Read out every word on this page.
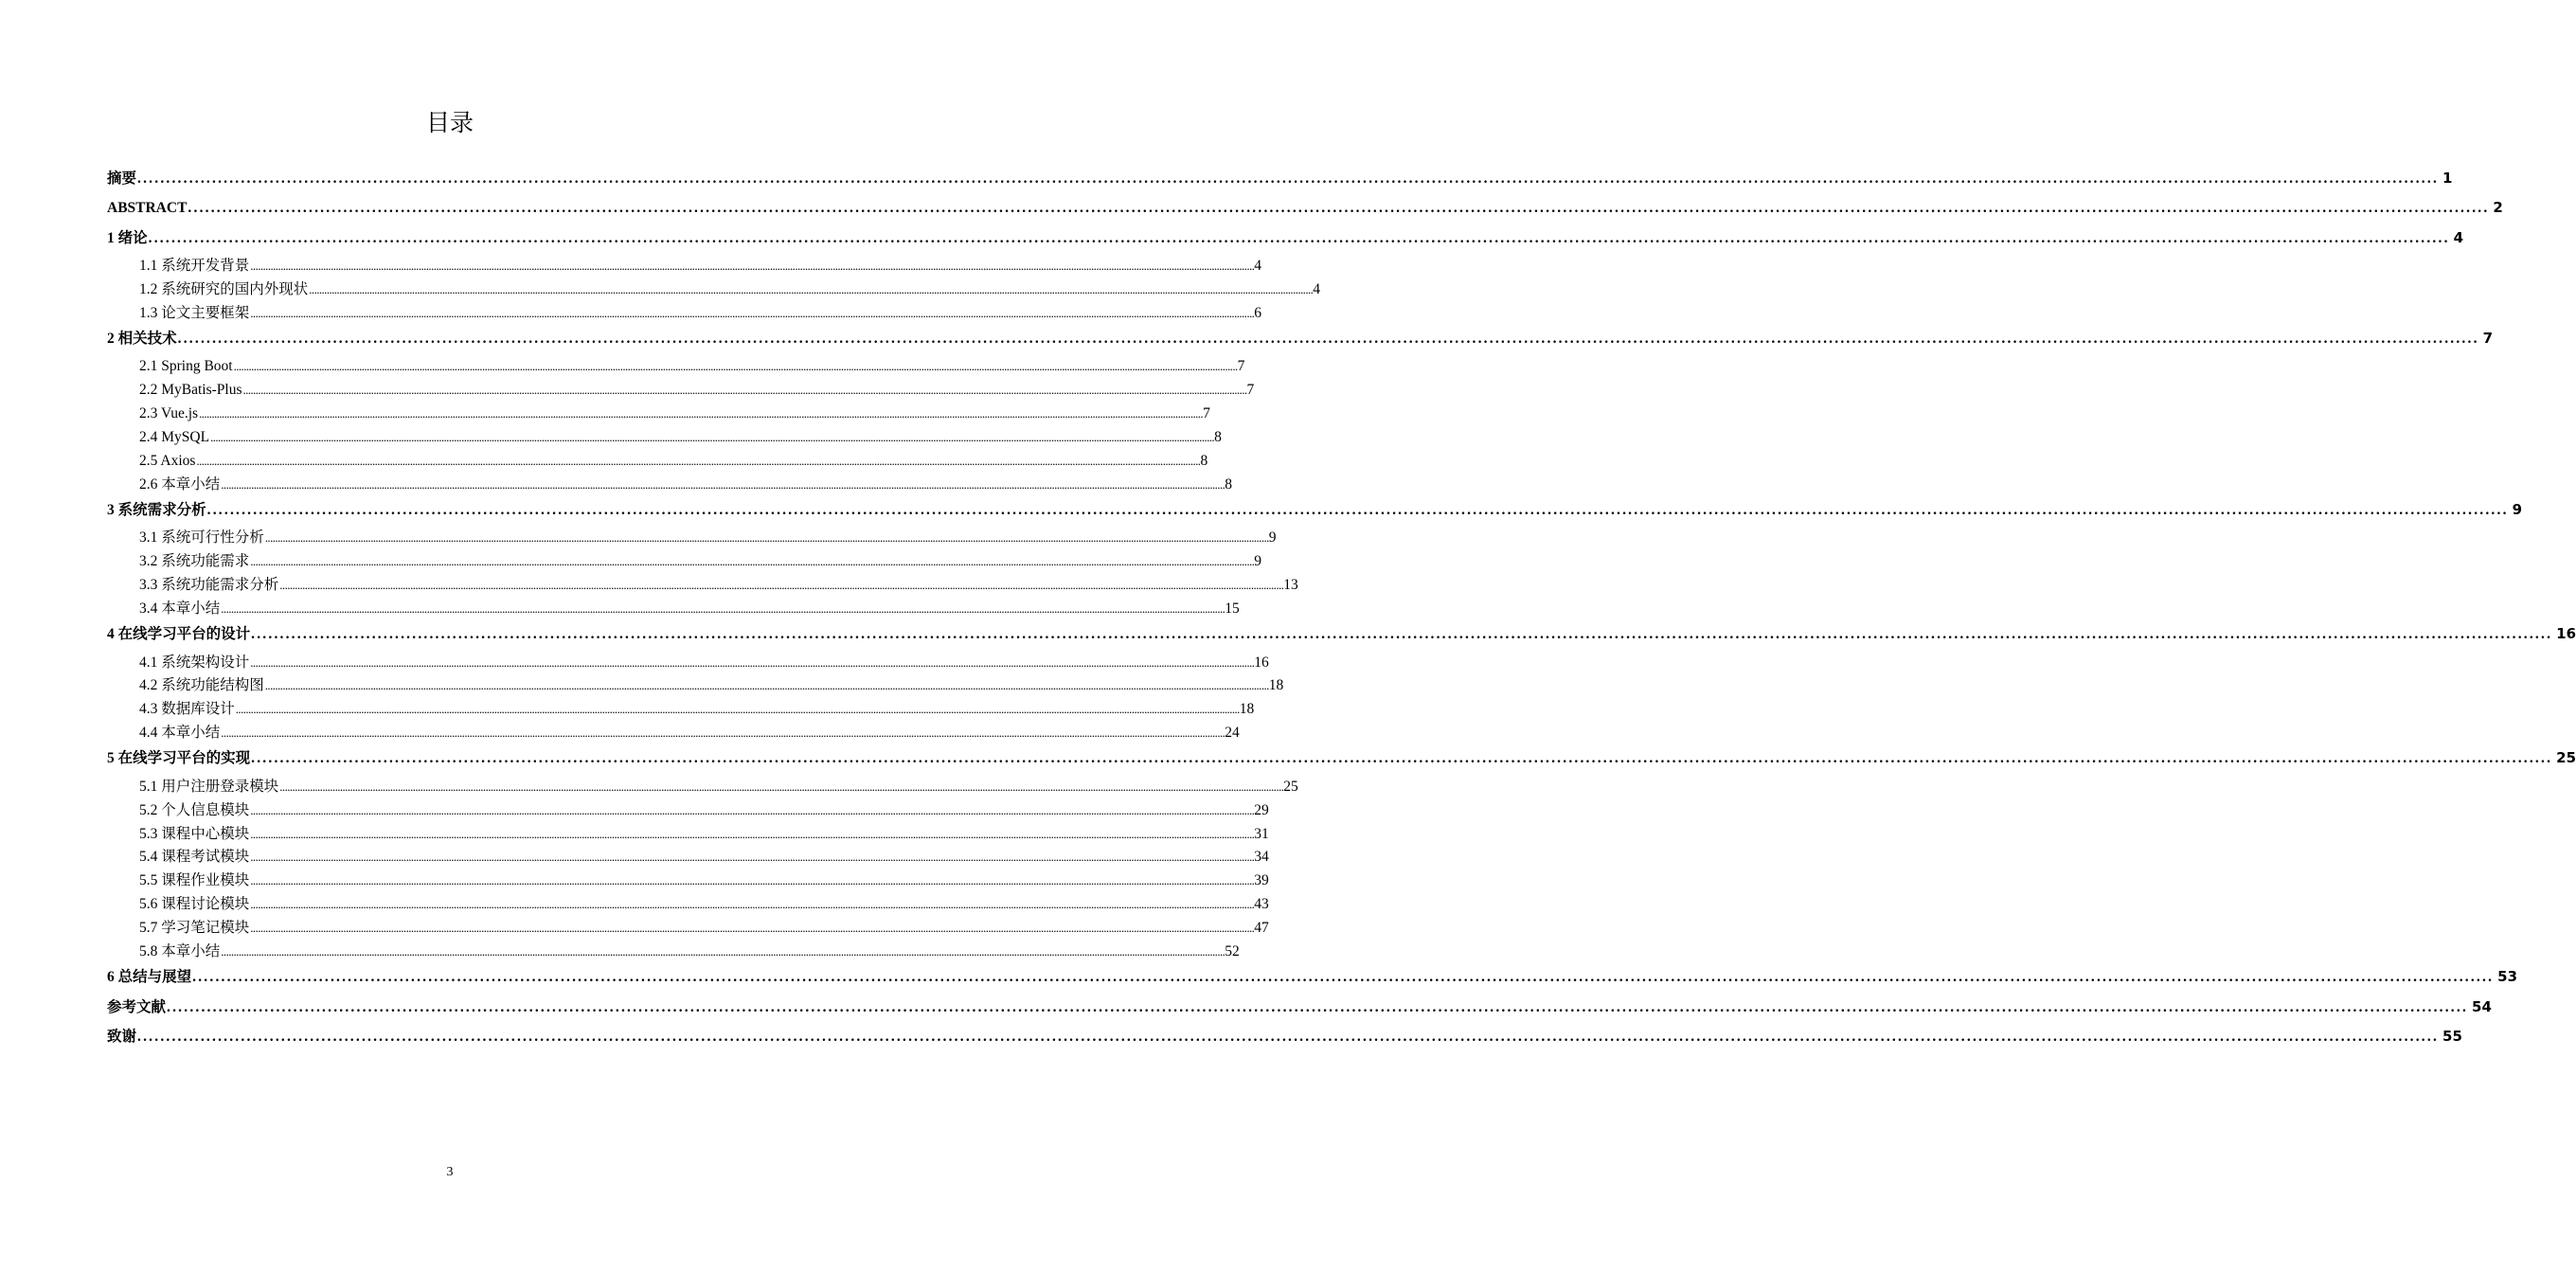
目录
摘要 ................................................................................................................................................................................................................................................................................................................................................................................................................ 1
ABSTRACT ................................................................................................................................................................................................................................................................................................................................................................................................................ 2
1 绪论 ................................................................................................................................................................................................................................................................................................................................................................................................................ 4
1.1 系统开发背景 ................................................................................................................................................................................................................................................................................................................................................................................................................ 4
1.2 系统研究的国内外现状 ................................................................................................................................................................................................................................................................................................................................................................................................................ 4
1.3 论文主要框架 ................................................................................................................................................................................................................................................................................................................................................................................................................ 6
2 相关技术 ................................................................................................................................................................................................................................................................................................................................................................................................................ 7
2.1 Spring Boot ................................................................................................................................................................................................................................................................................................................................................................................................................ 7
2.2 MyBatis-Plus ................................................................................................................................................................................................................................................................................................................................................................................................................ 7
2.3 Vue.js ................................................................................................................................................................................................................................................................................................................................................................................................................ 7
2.4 MySQL ................................................................................................................................................................................................................................................................................................................................................................................................................ 8
2.5 Axios ................................................................................................................................................................................................................................................................................................................................................................................................................ 8
2.6 本章小结 ................................................................................................................................................................................................................................................................................................................................................................................................................ 8
3 系统需求分析 ................................................................................................................................................................................................................................................................................................................................................................................................................ 9
3.1 系统可行性分析 ................................................................................................................................................................................................................................................................................................................................................................................................................ 9
3.2 系统功能需求 ................................................................................................................................................................................................................................................................................................................................................................................................................ 9
3.3 系统功能需求分析 ................................................................................................................................................................................................................................................................................................................................................................................................................ 13
3.4 本章小结 ................................................................................................................................................................................................................................................................................................................................................................................................................ 15
4 在线学习平台的设计 ................................................................................................................................................................................................................................................................................................................................................................................................................ 16
4.1 系统架构设计 ................................................................................................................................................................................................................................................................................................................................................................................................................ 16
4.2 系统功能结构图 ................................................................................................................................................................................................................................................................................................................................................................................................................ 18
4.3 数据库设计 ................................................................................................................................................................................................................................................................................................................................................................................................................ 18
4.4 本章小结 ................................................................................................................................................................................................................................................................................................................................................................................................................ 24
5 在线学习平台的实现 ................................................................................................................................................................................................................................................................................................................................................................................................................ 25
5.1 用户注册登录模块 ................................................................................................................................................................................................................................................................................................................................................................................................................ 25
5.2 个人信息模块 ................................................................................................................................................................................................................................................................................................................................................................................................................ 29
5.3 课程中心模块 ................................................................................................................................................................................................................................................................................................................................................................................................................ 31
5.4 课程考试模块 ................................................................................................................................................................................................................................................................................................................................................................................................................ 34
5.5 课程作业模块 ................................................................................................................................................................................................................................................................................................................................................................................................................ 39
5.6 课程讨论模块 ................................................................................................................................................................................................................................................................................................................................................................................................................ 43
5.7 学习笔记模块 ................................................................................................................................................................................................................................................................................................................................................................................................................ 47
5.8 本章小结 ................................................................................................................................................................................................................................................................................................................................................................................................................ 52
6 总结与展望 ................................................................................................................................................................................................................................................................................................................................................................................................................ 53
参考文献 ................................................................................................................................................................................................................................................................................................................................................................................................................ 54
致谢 ................................................................................................................................................................................................................................................................................................................................................................................................................ 55
3
